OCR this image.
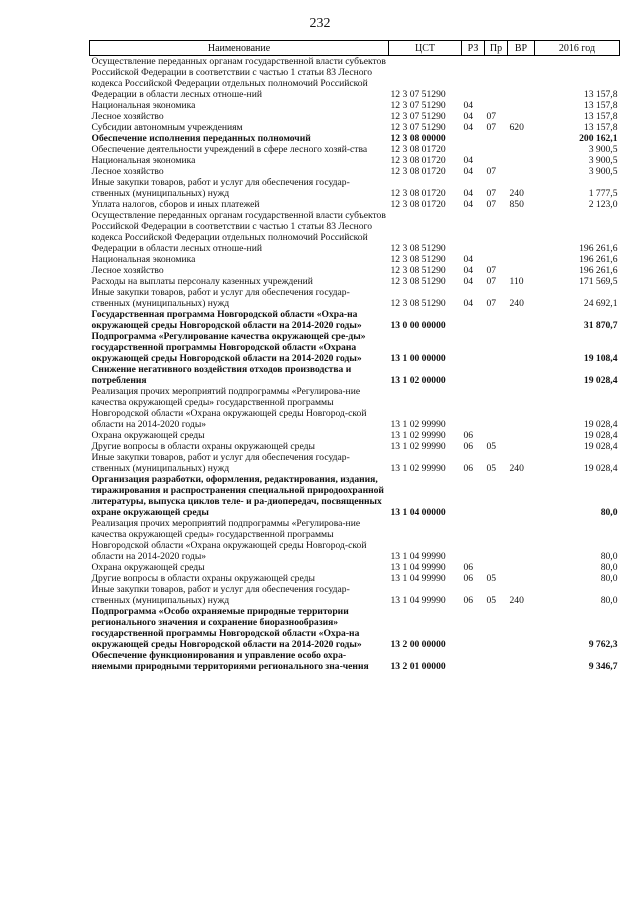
232
Наименование	ЦСТ	РЗ	Пр	ВР	2016 год
Осуществление переданных органам государственной власти субъектов Российской Федерации в соответствии с частью 1 статьи 83 Лесного кодекса Российской Федерации отдельных полномочий Российской Федерации в области лесных отноше-ний	12 3 07 51290				13 157,8
Национальная экономика	12 3 07 51290	04			13 157,8
Лесное хозяйство	12 3 07 51290	04	07		13 157,8
Субсидии автономным учреждениям	12 3 07 51290	04	07	620	13 157,8
Обеспечение исполнения переданных полномочий	12 3 08 00000				200 162,1
Обеспечение деятельности учреждений в сфере лесного хозяй-ства	12 3 08 01720				3 900,5
Национальная экономика	12 3 08 01720	04			3 900,5
Лесное хозяйство	12 3 08 01720	04	07		3 900,5
Иные закупки товаров, работ и услуг для обеспечения государ-ственных (муниципальных) нужд	12 3 08 01720	04	07	240	1 777,5
Уплата налогов, сборов и иных платежей	12 3 08 01720	04	07	850	2 123,0
Осуществление переданных органам государственной власти субъектов Российской Федерации в соответствии с частью 1 статьи 83 Лесного кодекса Российской Федерации отдельных полномочий Российской Федерации в области лесных отноше-ний	12 3 08 51290				196 261,6
Национальная экономика	12 3 08 51290	04			196 261,6
Лесное хозяйство	12 3 08 51290	04	07		196 261,6
Расходы на выплаты персоналу казенных учреждений	12 3 08 51290	04	07	110	171 569,5
Иные закупки товаров, работ и услуг для обеспечения государ-ственных (муниципальных) нужд	12 3 08 51290	04	07	240	24 692,1
Государственная программа Новгородской области «Охра-на окружающей среды Новгородской области на 2014-2020 годы»	13 0 00 00000				31 870,7
Подпрограмма «Регулирование качества окружающей сре-ды» государственной программы Новгородской области «Охрана окружающей среды Новгородской области на 2014-2020 годы»	13 1 00 00000				19 108,4
Снижение негативного воздействия отходов производства и потребления	13 1 02 00000				19 028,4
Реализация прочих мероприятий подпрограммы «Регулирова-ние качества окружающей среды» государственной программы Новгородской области «Охрана окружающей среды Новгород-ской области на 2014-2020 годы»	13 1 02 99990				19 028,4
Охрана окружающей среды	13 1 02 99990	06			19 028,4
Другие вопросы в области охраны окружающей среды	13 1 02 99990	06	05		19 028,4
Иные закупки товаров, работ и услуг для обеспечения государ-ственных (муниципальных) нужд	13 1 02 99990	06	05	240	19 028,4
Организация разработки, оформления, редактирования, издания, тиражирования и распространения специальной природоохранной литературы, выпуска циклов теле- и ра-диопередач, посвященных охране окружающей среды	13 1 04 00000				80,0
Реализация прочих мероприятий подпрограммы «Регулирова-ние качества окружающей среды» государственной программы Новгородской области «Охрана окружающей среды Новгород-ской области на 2014-2020 годы»	13 1 04 99990				80,0
Охрана окружающей среды	13 1 04 99990	06			80,0
Другие вопросы в области охраны окружающей среды	13 1 04 99990	06	05		80,0
Иные закупки товаров, работ и услуг для обеспечения государ-ственных (муниципальных) нужд	13 1 04 99990	06	05	240	80,0
Подпрограмма «Особо охраняемые природные территории регионального значения и сохранение биоразнообразия» государственной программы Новгородской области «Охра-на окружающей среды Новгородской области на 2014-2020 годы»	13 2 00 00000				9 762,3
Обеспечение функционирования и управление особо охра-няемыми природными территориями регионального зна-чения	13 2 01 00000				9 346,7
